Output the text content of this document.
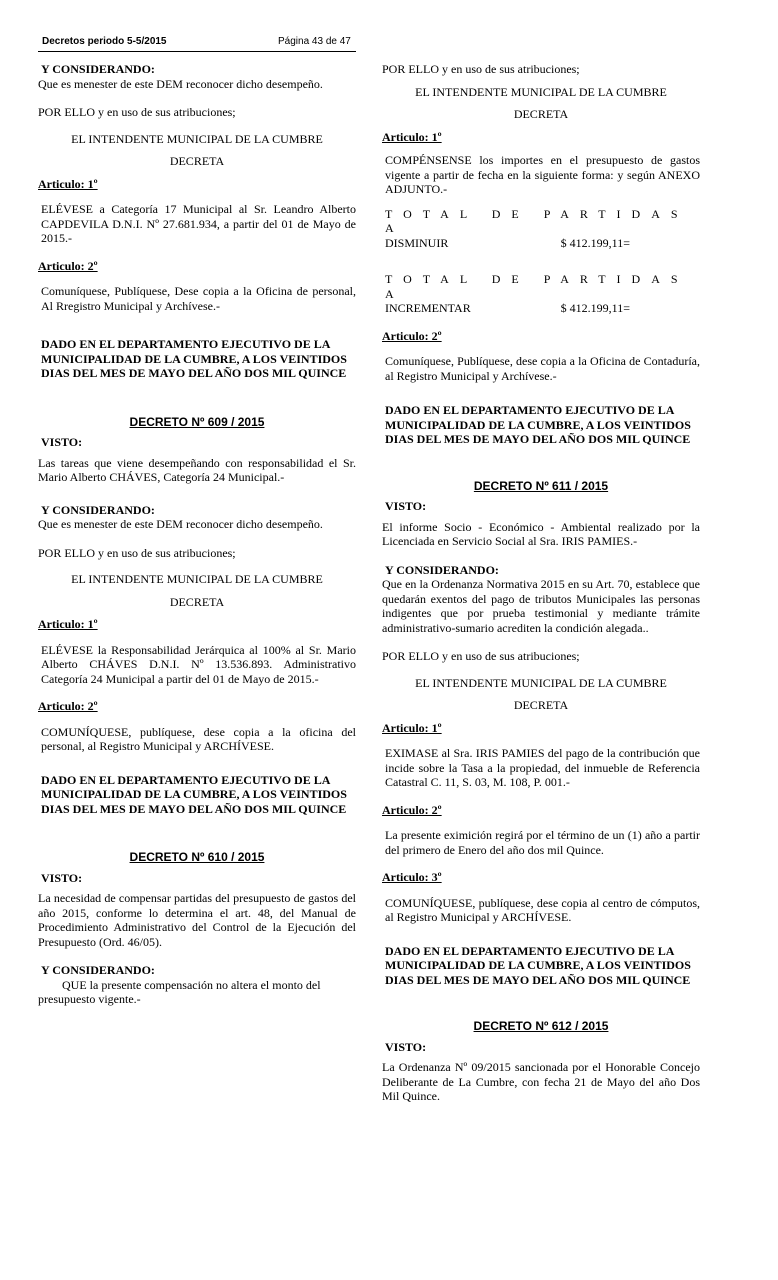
Decretos periodo 5-5/2015	Página 43 de 47

Y CONSIDERANDO:

Que es menester de este DEM reconocer dicho desempeño.

POR ELLO y en uso de sus atribuciones;

EL INTENDENTE MUNICIPAL DE LA CUMBRE

DECRETA

Articulo: 1º

ELÉVESE a Categoría 17 Municipal al Sr. Leandro Alberto CAPDEVILA D.N.I. Nº 27.681.934, a partir del 01 de Mayo de 2015.-

Articulo: 2º

Comuníquese, Publíquese, Dese copia a la Oficina de personal, Al Rregistro Municipal y Archívese.-

DADO EN EL DEPARTAMENTO EJECUTIVO DE LA MUNICIPALIDAD DE LA CUMBRE, A LOS VEINTIDOS DIAS DEL MES DE MAYO DEL AÑO DOS MIL QUINCE

DECRETO Nº 609 / 2015

VISTO:

Las tareas que viene desempeñando con responsabilidad el Sr. Mario Alberto CHÁVES, Categoría 24 Municipal.-

Y CONSIDERANDO:

Que es menester de este DEM reconocer dicho desempeño.

POR ELLO y en uso de sus atribuciones;

EL INTENDENTE MUNICIPAL DE LA CUMBRE

DECRETA

Articulo: 1º

ELÉVESE la Responsabilidad Jerárquica al 100% al Sr. Mario Alberto CHÁVES D.N.I. Nº 13.536.893. Administrativo Categoría 24 Municipal a partir del 01 de Mayo de 2015.-

Articulo: 2º

COMUNÍQUESE, publíquese, dese copia a la oficina del personal, al Registro Municipal y ARCHÍVESE.

DADO EN EL DEPARTAMENTO EJECUTIVO DE LA MUNICIPALIDAD DE LA CUMBRE, A LOS VEINTIDOS DIAS DEL MES DE MAYO DEL AÑO DOS MIL QUINCE

DECRETO Nº 610 / 2015

VISTO:

La necesidad de compensar partidas del presupuesto de gastos del año 2015, conforme lo determina el art. 48, del Manual de Procedimiento Administrativo del Control de la Ejecución del Presupuesto (Ord. 46/05).

Y CONSIDERANDO:

QUE la presente compensación no altera el monto del presupuesto vigente.-

POR ELLO y en uso de sus atribuciones;

EL INTENDENTE MUNICIPAL DE LA CUMBRE

DECRETA

Articulo: 1º

COMPÉNSENSE los importes en el presupuesto de gastos vigente a partir de fecha en la siguiente forma: y según ANEXO ADJUNTO.-

TOTAL DE PARTIDAS A

DISMINUIR	$ 412.199,11=

TOTAL DE PARTIDAS A

INCREMENTAR	$ 412.199,11=

Articulo: 2º

Comuníquese, Publíquese, dese copia a la Oficina de Contaduría, al Registro Municipal y Archívese.-

DADO EN EL DEPARTAMENTO EJECUTIVO DE LA MUNICIPALIDAD DE LA CUMBRE, A LOS VEINTIDOS DIAS DEL MES DE MAYO DEL AÑO DOS MIL QUINCE

DECRETO Nº 611 / 2015

VISTO:

El informe Socio - Económico - Ambiental realizado por la Licenciada en Servicio Social al Sra. IRIS PAMIES.-

Y CONSIDERANDO:

Que en la Ordenanza Normativa 2015 en su Art. 70, establece que quedarán exentos del pago de tributos Municipales las personas indigentes que por prueba testimonial y mediante trámite administrativo-sumario acrediten la condición alegada..

POR ELLO y en uso de sus atribuciones;

EL INTENDENTE MUNICIPAL DE LA CUMBRE

DECRETA

Articulo: 1º

EXIMASE al Sra. IRIS PAMIES del pago de la contribución que incide sobre la Tasa a la propiedad, del inmueble de Referencia Catastral C. 11, S. 03, M. 108, P. 001.-

Articulo: 2º

La presente eximición regirá por el término de un (1) año a partir del primero de Enero del año dos mil Quince.

Articulo: 3º

COMUNÍQUESE, publíquese, dese copia al centro de cómputos, al Registro Municipal y ARCHÍVESE.

DADO EN EL DEPARTAMENTO EJECUTIVO DE LA MUNICIPALIDAD DE LA CUMBRE, A LOS VEINTIDOS DIAS DEL MES DE MAYO DEL AÑO DOS MIL QUINCE

DECRETO Nº 612 / 2015

VISTO:

La Ordenanza Nº 09/2015 sancionada por el Honorable Concejo Deliberante de La Cumbre, con fecha 21 de Mayo del año Dos Mil Quince.
